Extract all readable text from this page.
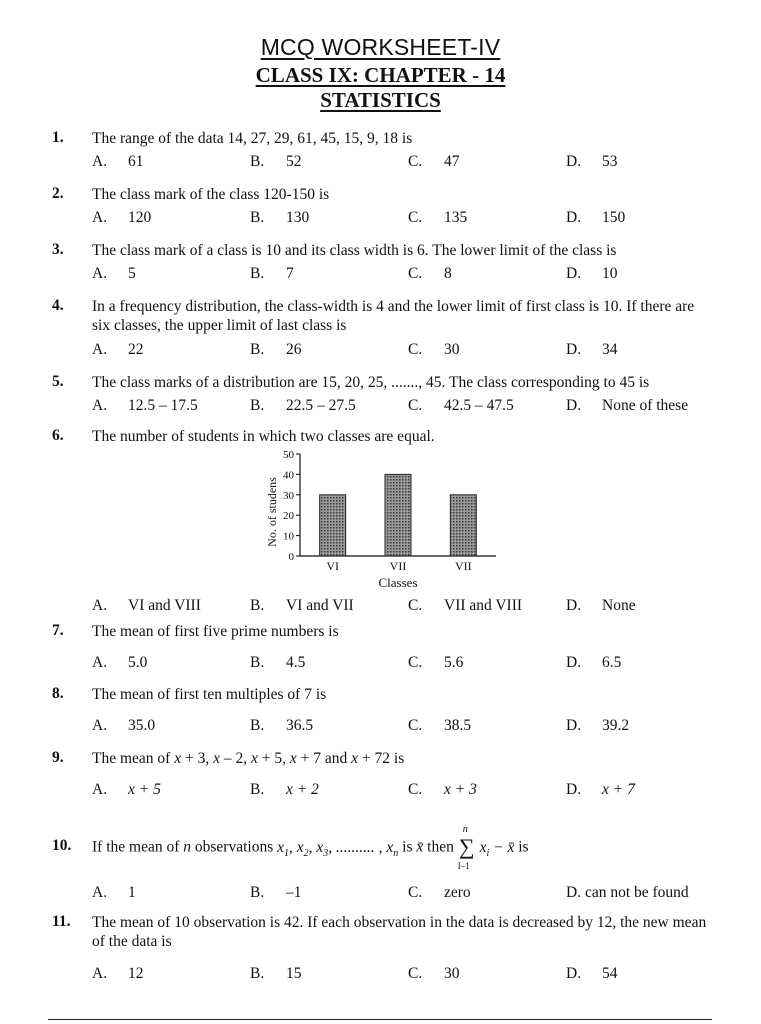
MCQ WORKSHEET-IV
CLASS IX: CHAPTER - 14
STATISTICS
1. The range of the data 14, 27, 29, 61, 45, 15, 9, 18 is
A. 61	B. 52	C. 47	D. 53
2. The class mark of the class 120-150 is
A. 120	B. 130	C. 135	D. 150
3. The class mark of a class is 10 and its class width is 6. The lower limit of the class is
A. 5	B. 7	C. 8	D. 10
4. In a frequency distribution, the class-width is 4 and the lower limit of first class is 10. If there are six classes, the upper limit of last class is
A. 22	B. 26	C. 30	D. 34
5. The class marks of a distribution are 15, 20, 25, ......., 45. The class corresponding to 45 is
A. 12.5 – 17.5	B. 22.5 – 27.5	C. 42.5 – 47.5	D. None of these
6. The number of students in which two classes are equal.
A. VI and VIII	B. VI and VII	C. VII and VIII	D. None
0
10
20
30
40
50
VI	VII	VII
No. of studens
Classes
7. The mean of first five prime numbers is
A. 5.0	B. 4.5	C. 5.6	D. 6.5
8. The mean of first ten multiples of 7 is
A. 35.0	B. 36.5	C. 38.5	D. 39.2
9. The mean of x + 3, x – 2, x + 5, x + 7 and x + 72 is
A. x + 5	B. x + 2	C. x + 3	D. x + 7
10. If the mean of n observations $x_1$, $x_2$, $x_3$, .......... , $x_n$ is x̄ then
n
∑
I–1
$x_i$ − x̄ is
A. 1	B. –1	C. zero	D. can not be found
11. The mean of 10 observation is 42. If each observation in the data is decreased by 12, the new mean of the data is
A. 12	B. 15	C. 30	D. 54
